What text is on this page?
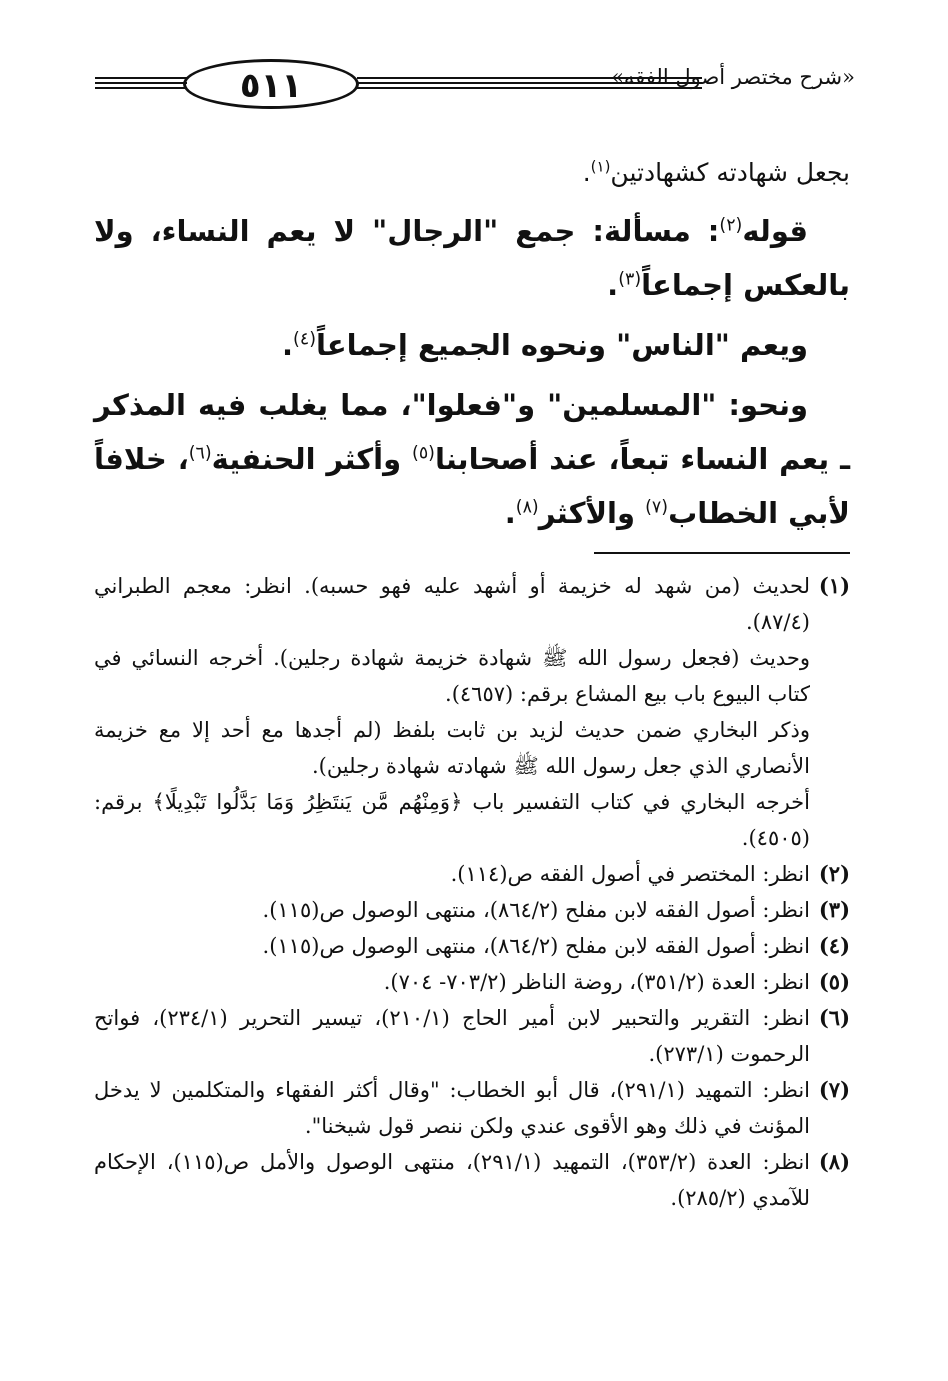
٥١١	«شرح مختصر أصول الفقه»

بجعل شهادته كشهادتين$^{(١)}$.

قوله$^{(٢)}$: مسألة: جمع "الرجال" لا يعم النساء، ولا بالعكس إجماعاً$^{(٣)}$.

ويعم "الناس" ونحوه الجميع إجماعاً$^{(٤)}$.

ونحو: "المسلمين" و"فعلوا"، مما يغلب فيه المذكر ـ يعم النساء تبعاً، عند أصحابنا$^{(٥)}$ وأكثر الحنفية$^{(٦)}$، خلافاً لأبي الخطاب$^{(٧)}$ والأكثر$^{(٨)}$.

(١)
لحديث (من شهد له خزيمة أو أشهد عليه فهو حسبه). انظر: معجم الطبراني (٨٧/٤).
وحديث (فجعل رسول الله ﷺ شهادة خزيمة شهادة رجلين). أخرجه النسائي في كتاب البيوع باب بيع المشاع برقم: (٤٦٥٧).
وذكر البخاري ضمن حديث لزيد بن ثابت بلفظ (لم أجدها مع أحد إلا مع خزيمة الأنصاري الذي جعل رسول الله ﷺ شهادته شهادة رجلين).
أخرجه البخاري في كتاب التفسير باب ﴿وَمِنْهُم مَّن يَنتَظِرُ وَمَا بَدَّلُوا تَبْدِيلًا﴾ برقم: (٤٥٠٥).
(٢)
انظر: المختصر في أصول الفقه ص(١١٤).
(٣)
انظر: أصول الفقه لابن مفلح (٨٦٤/٢)، منتهى الوصول ص(١١٥).
(٤)
انظر: أصول الفقه لابن مفلح (٨٦٤/٢)، منتهى الوصول ص(١١٥).
(٥)
انظر: العدة (٣٥١/٢)، روضة الناظر (٧٠٣/٢- ٧٠٤).
(٦)
انظر: التقرير والتحبير لابن أمير الحاج (٢١٠/١)، تيسير التحرير (٢٣٤/١)، فواتح الرحموت (٢٧٣/١).
(٧)
انظر: التمهيد (٢٩١/١)، قال أبو الخطاب: "وقال أكثر الفقهاء والمتكلمين لا يدخل المؤنث في ذلك وهو الأقوى عندي ولكن ننصر قول شيخنا".
(٨)
انظر: العدة (٣٥٣/٢)، التمهيد (٢٩١/١)، منتهى الوصول والأمل ص(١١٥)، الإحكام للآمدي (٢٨٥/٢).
